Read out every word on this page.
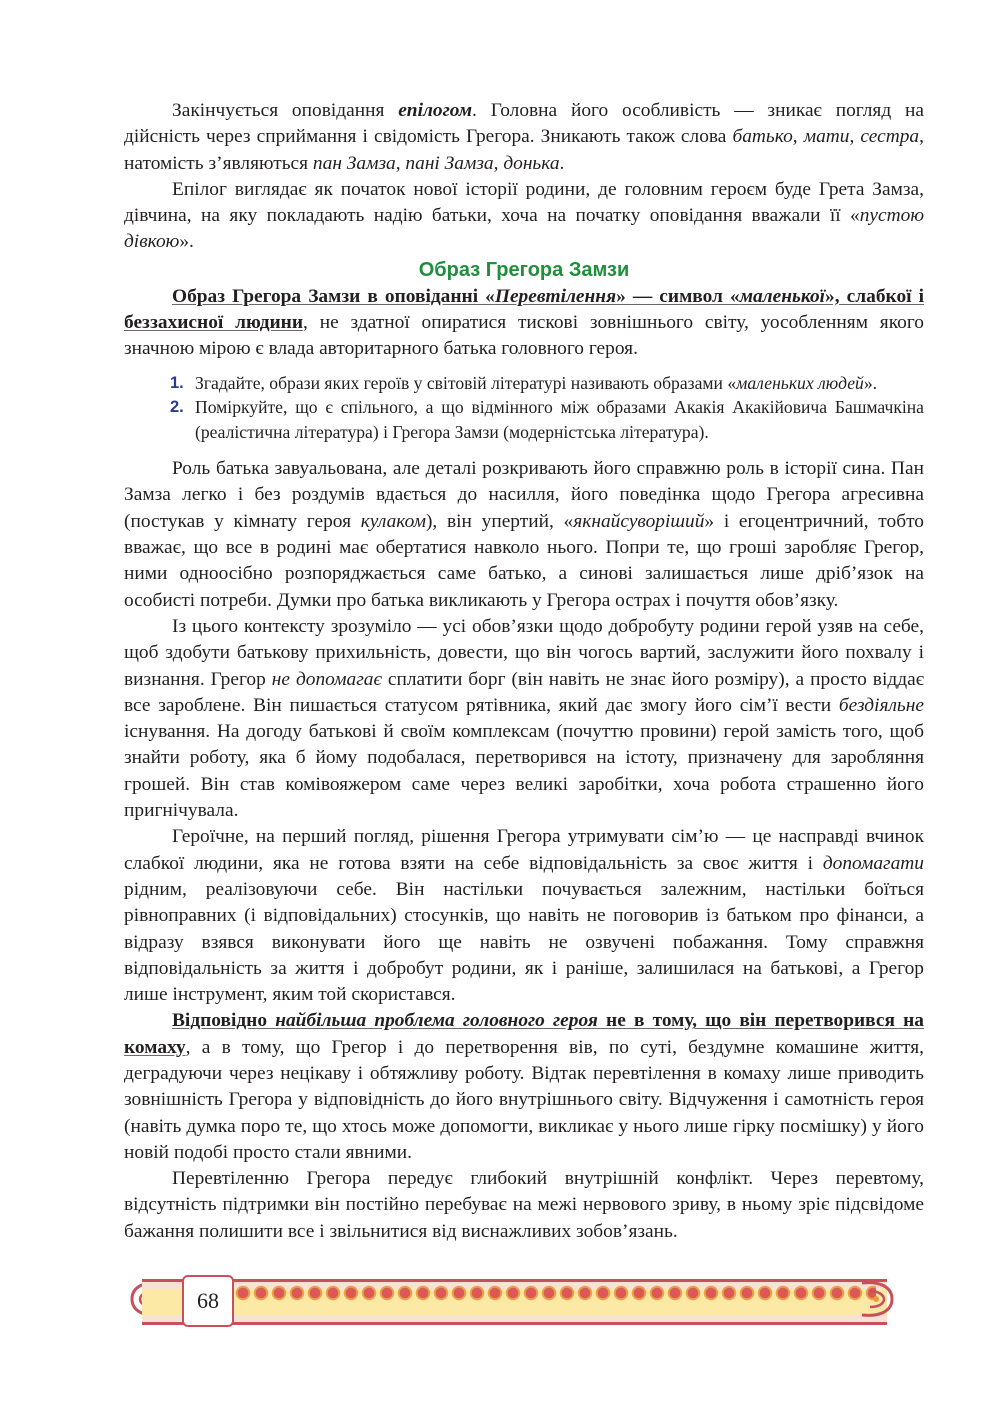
Закінчується оповідання епілогом. Головна його особливість — зникає погляд на дійсність через сприймання і свідомість Грегора. Зникають також слова батько, мати, сестра, натомість з’являються пан Замза, пані Замза, донька.

Епілог виглядає як початок нової історії родини, де головним героєм буде Грета Замза, дівчина, на яку покладають надію батьки, хоча на початку оповідання вважали її «пустою дівкою».

Образ Грегора Замзи

Образ Грегора Замзи в оповіданні «Перевтілення» — символ «маленької», слабкої і беззахисної людини, не здатної опиратися тискові зовнішнього світу, уособленням якого значною мірою є влада авторитарного батька головного героя.

1. Згадайте, образи яких героїв у світовій літературі називають образами «маленьких людей».
2. Поміркуйте, що є спільного, а що відмінного між образами Акакія Акакійовича Башмачкіна (реалістична література) і Грегора Замзи (модерністська література).

Роль батька завуальована, але деталі розкривають його справжню роль в історії сина. Пан Замза легко і без роздумів вдається до насилля, його поведінка щодо Грегора агресивна (постукав у кімнату героя кулаком), він упертий, «якнайсуворіший» і егоцентричний, тобто вважає, що все в родині має обертатися навколо нього. Попри те, що гроші заробляє Грегор, ними одноосібно розпоряджається саме батько, а синові залишається лише дріб’язок на особисті потреби. Думки про батька викликають у Грегора острах і почуття обов’язку.

Із цього контексту зрозуміло — усі обов’язки щодо добробуту родини герой узяв на себе, щоб здобути батькову прихильність, довести, що він чогось вартий, заслужити його похвалу і визнання. Грегор не допомагає сплатити борг (він навіть не знає його розміру), а просто віддає все зароблене. Він пишається статусом рятівника, який дає змогу його сім’ї вести бездіяльне існування. На догоду батькові й своїм комплексам (почуттю провини) герой замість того, щоб знайти роботу, яка б йому подобалася, перетворився на істоту, призначену для заробляння грошей. Він став комівояжером саме через великі заробітки, хоча робота страшенно його пригнічувала.

Героїчне, на перший погляд, рішення Грегора утримувати сім’ю — це насправді вчинок слабкої людини, яка не готова взяти на себе відповідальність за своє життя і допомагати рідним, реалізовуючи себе. Він настільки почувається залежним, настільки боїться рівноправних (і відповідальних) стосунків, що навіть не поговорив із батьком про фінанси, а відразу взявся виконувати його ще навіть не озвучені побажання. Тому справжня відповідальність за життя і добробут родини, як і раніше, залишилася на батькові, а Грегор лише інструмент, яким той скористався.

Відповідно найбільша проблема головного героя не в тому, що він перетворився на комаху, а в тому, що Грегор і до перетворення вів, по суті, бездумне комашине життя, деградуючи через нецікаву і обтяжливу роботу. Відтак перевтілення в комаху лише приводить зовнішність Грегора у відповідність до його внутрішнього світу. Відчуження і самотність героя (навіть думка поро те, що хтось може допомогти, викликає у нього лише гірку посмішку) у його новій подобі просто стали явними.

Перевтіленню Грегора передує глибокий внутрішній конфлікт. Через перевтому, відсутність підтримки він постійно перебуває на межі нервового зриву, в ньому зріє підсвідоме бажання полишити все і звільнитися від виснажливих зобов’язань.

68
